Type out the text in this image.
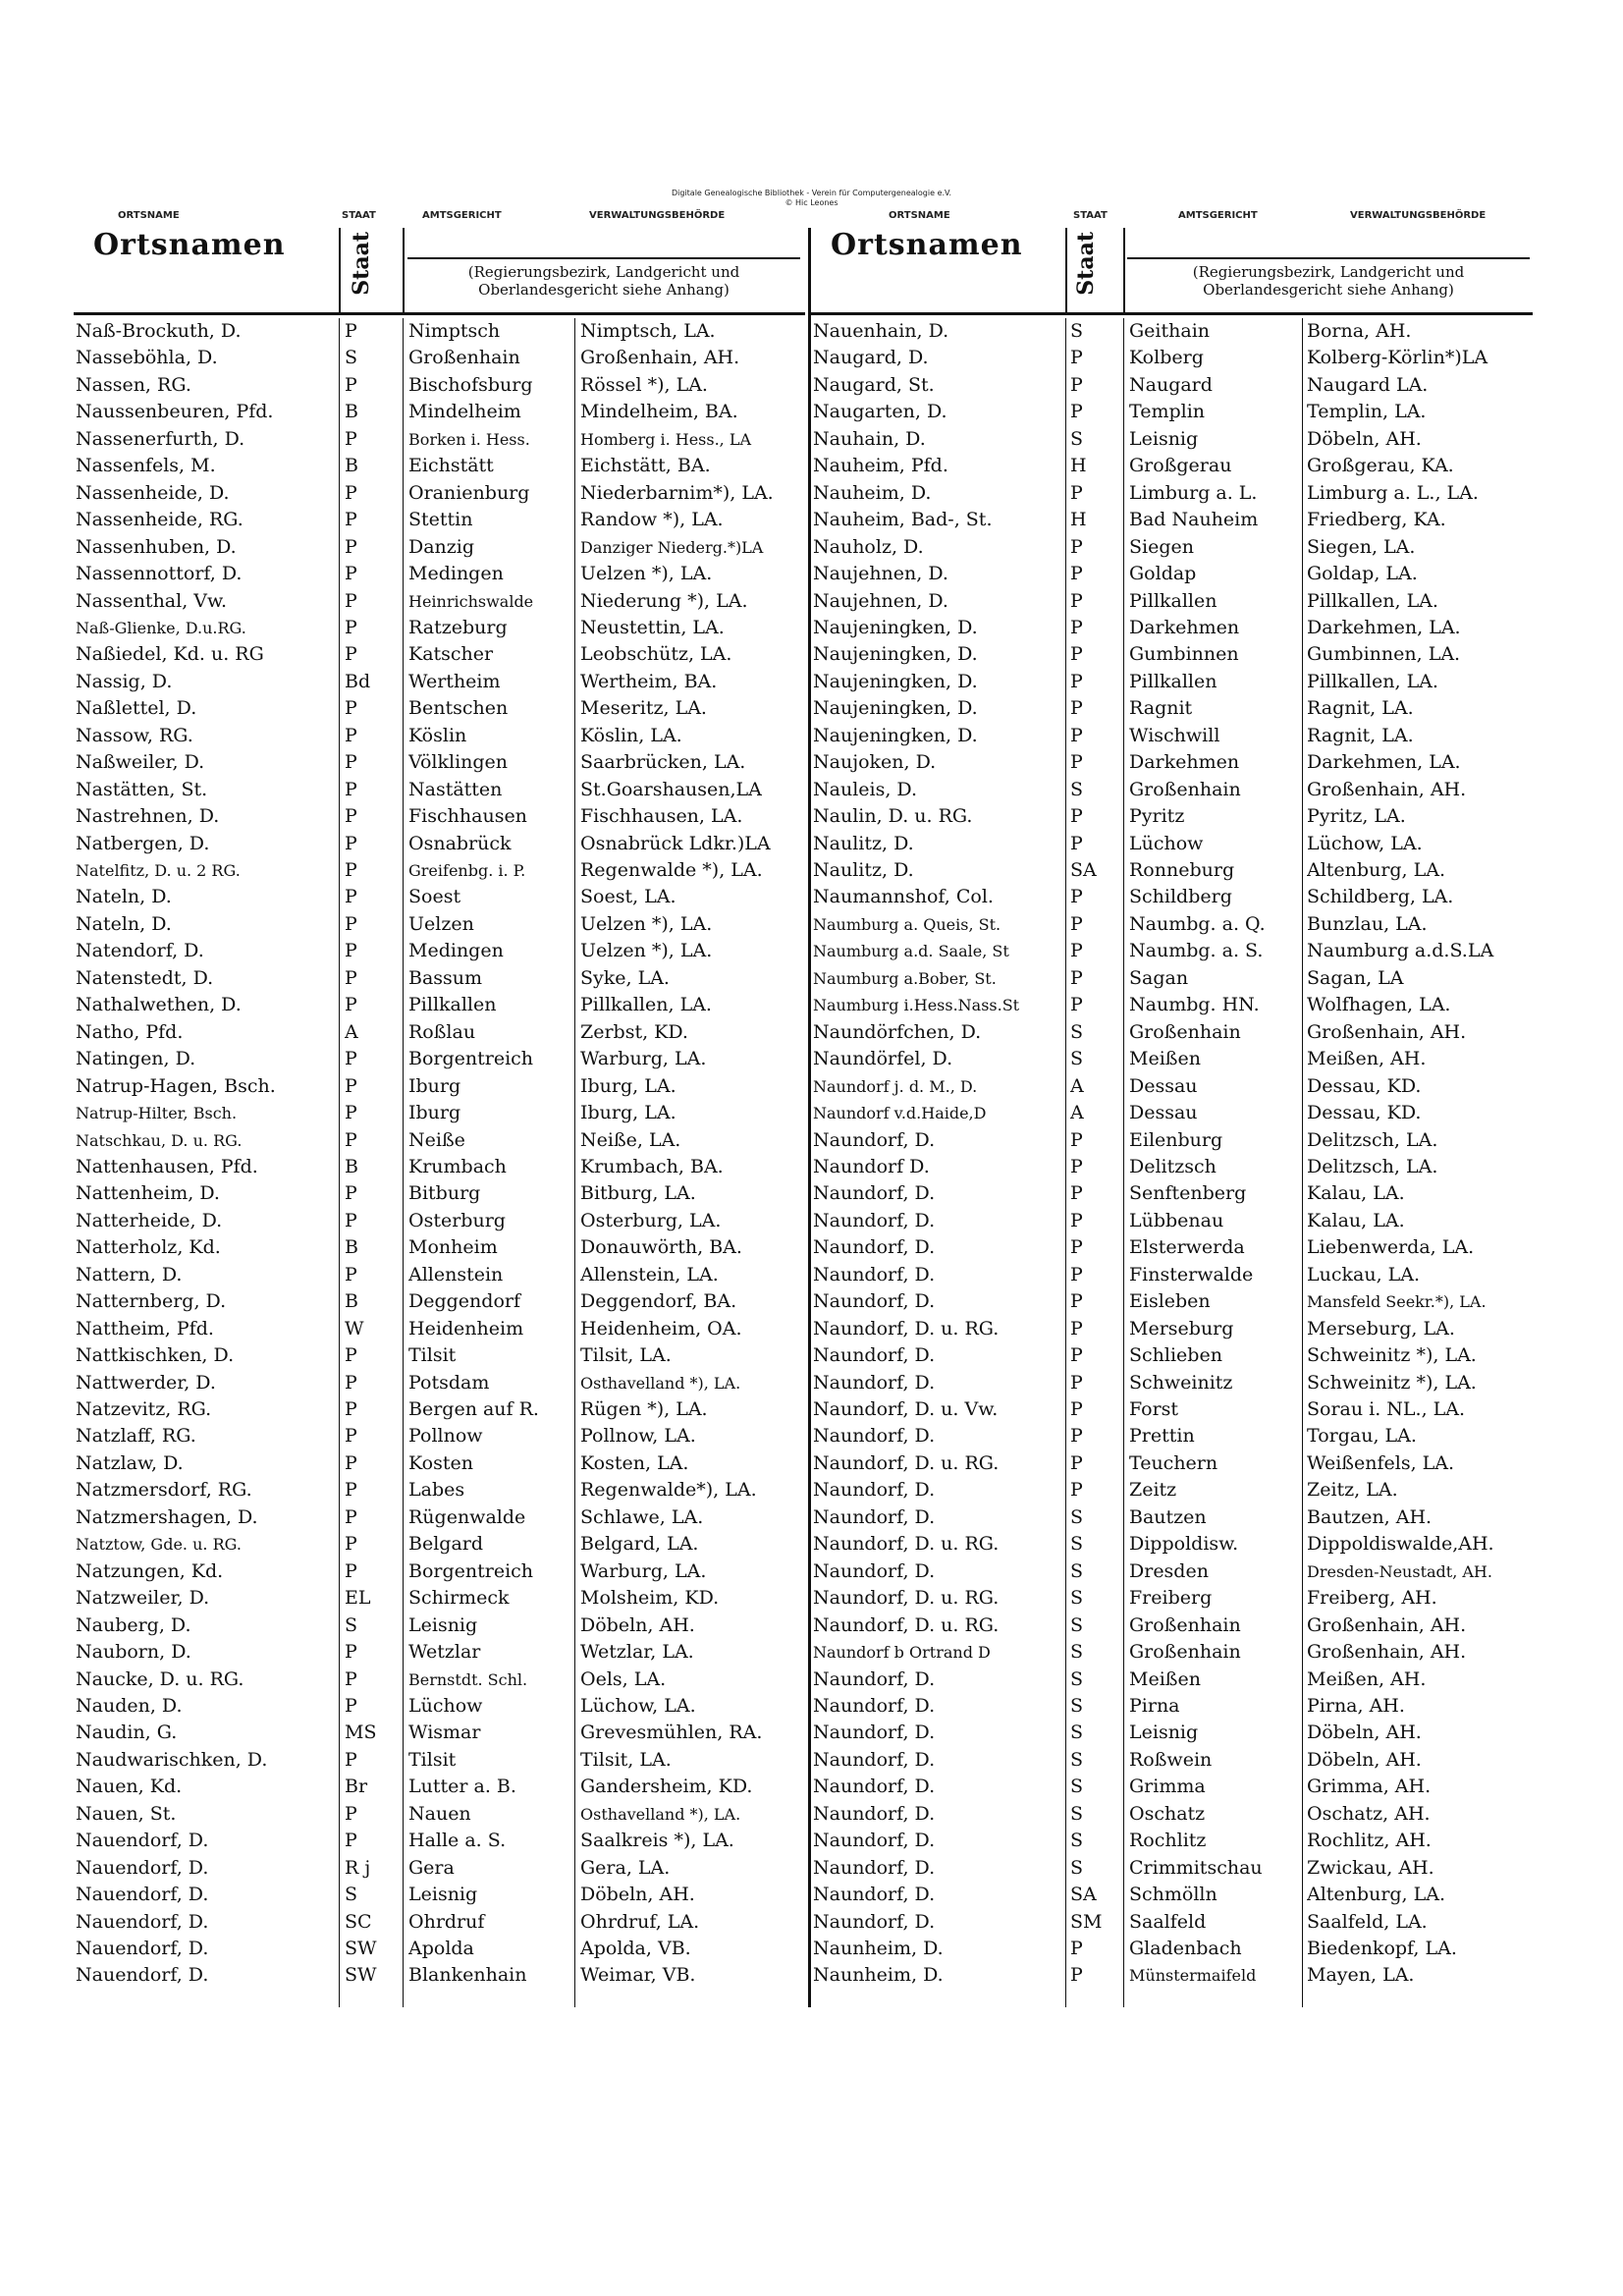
Digitale Genealogische Bibliothek - Verein für Computergenealogie e.V.
© Hic Leones
ORTSNAME	STAAT	AMTSGERICHT	VERWALTUNGSBEHÖRDE	ORTSNAME	STAAT	AMTSGERICHT	VERWALTUNGSBEHÖRDE
Ortsnamen	Staat	(Regierungsbezirk, Landgericht und
Oberlandesgericht siehe Anhang)
Ortsnamen Staat	(Regierungsbezirk, Landgericht und
Oberlandesgericht siehe Anhang)
Naß-Brockuth, D.	P	Nimptsch	Nimptsch, LA.
Nasseböhla, D.	S	Großenhain	Großenhain, AH.
Nassen, RG.	P	Bischofsburg	Rössel *), LA.
Naussenbeuren, Pfd.	B	Mindelheim	Mindelheim, BA.
Nassenerfurth, D.	P	Borken i. Hess.	Homberg i. Hess., LA
Nassenfels, M.	B	Eichstätt	Eichstätt, BA.
Nassenheide, D.	P	Oranienburg	Niederbarnim*), LA.
Nassenheide, RG.	P	Stettin	Randow *), LA.
Nassenhuben, D.	P	Danzig	Danziger Niederg.*)LA
Nassennottorf, D.	P	Medingen	Uelzen *), LA.
Nassenthal, Vw.	P	Heinrichswalde	Niederung *), LA.
Naß-Glienke, D.u.RG.	P	Ratzeburg	Neustettin, LA.
Naßiedel, Kd. u. RG	P	Katscher	Leobschütz, LA.
Nassig, D.	Bd	Wertheim	Wertheim, BA.
Naßlettel, D.	P	Bentschen	Meseritz, LA.
Nassow, RG.	P	Köslin	Köslin, LA.
Naßweiler, D.	P	Völklingen	Saarbrücken, LA.
Nastätten, St.	P	Nastätten	St.Goarshausen,LA
Nastrehnen, D.	P	Fischhausen	Fischhausen, LA.
Natbergen, D.	P	Osnabrück	Osnabrück Ldkr.)LA
Natelfitz, D. u. 2 RG.	P	Greifenbg. i. P.	Regenwalde *), LA.
Nateln, D.	P	Soest	Soest, LA.
Nateln, D.	P	Uelzen	Uelzen *), LA.
Natendorf, D.	P	Medingen	Uelzen *), LA.
Natenstedt, D.	P	Bassum	Syke, LA.
Nathalwethen, D.	P	Pillkallen	Pillkallen, LA.
Natho, Pfd.	A	Roßlau	Zerbst, KD.
Natingen, D.	P	Borgentreich	Warburg, LA.
Natrup-Hagen, Bsch.	P	Iburg	Iburg, LA.
Natrup-Hilter, Bsch.	P	Iburg	Iburg, LA.
Natschkau, D. u. RG.	P	Neiße	Neiße, LA.
Nattenhausen, Pfd.	B	Krumbach	Krumbach, BA.
Nattenheim, D.	P	Bitburg	Bitburg, LA.
Natterheide, D.	P	Osterburg	Osterburg, LA.
Natterholz, Kd.	B	Monheim	Donauwörth, BA.
Nattern, D.	P	Allenstein	Allenstein, LA.
Natternberg, D.	B	Deggendorf	Deggendorf, BA.
Nattheim, Pfd.	W	Heidenheim	Heidenheim, OA.
Nattkischken, D.	P	Tilsit	Tilsit, LA.
Nattwerder, D.	P	Potsdam	Osthavelland *), LA.
Natzevitz, RG.	P	Bergen auf R.	Rügen *), LA.
Natzlaff, RG.	P	Pollnow	Pollnow, LA.
Natzlaw, D.	P	Kosten	Kosten, LA.
Natzmersdorf, RG.	P	Labes	Regenwalde*), LA.
Natzmershagen, D.	P	Rügenwalde	Schlawe, LA.
Natztow, Gde. u. RG.	P	Belgard	Belgard, LA.
Natzungen, Kd.	P	Borgentreich	Warburg, LA.
Natzweiler, D.	EL	Schirmeck	Molsheim, KD.
Nauberg, D.	S	Leisnig	Döbeln, AH.
Nauborn, D.	P	Wetzlar	Wetzlar, LA.
Naucke, D. u. RG.	P	Bernstdt. Schl.	Oels, LA.
Nauden, D.	P	Lüchow	Lüchow, LA.
Naudin, G.	MS	Wismar	Grevesmühlen, RA.
Naudwarischken, D.	P	Tilsit	Tilsit, LA.
Nauen, Kd.	Br	Lutter a. B.	Gandersheim, KD.
Nauen, St.	P	Nauen	Osthavelland *), LA.
Nauendorf, D.	P	Halle a. S.	Saalkreis *), LA.
Nauendorf, D.	R j	Gera	Gera, LA.
Nauendorf, D.	S	Leisnig	Döbeln, AH.
Nauendorf, D.	SC	Ohrdruf	Ohrdruf, LA.
Nauendorf, D.	SW	Apolda	Apolda, VB.
Nauendorf, D.	SW	Blankenhain	Weimar, VB.
Nauenhain, D.	S	Geithain	Borna, AH.
Naugard, D.	P	Kolberg	Kolberg-Körlin*)LA
Naugard, St.	P	Naugard	Naugard LA.
Naugarten, D.	P	Templin	Templin, LA.
Nauhain, D.	S	Leisnig	Döbeln, AH.
Nauheim, Pfd.	H	Großgerau	Großgerau, KA.
Nauheim, D.	P	Limburg a. L.	Limburg a. L., LA.
Nauheim, Bad-, St.	H	Bad Nauheim	Friedberg, KA.
Nauholz, D.	P	Siegen	Siegen, LA.
Naujehnen, D.	P	Goldap	Goldap, LA.
Naujehnen, D.	P	Pillkallen	Pillkallen, LA.
Naujeningken, D.	P	Darkehmen	Darkehmen, LA.
Naujeningken, D.	P	Gumbinnen	Gumbinnen, LA.
Naujeningken, D.	P	Pillkallen	Pillkallen, LA.
Naujeningken, D.	P	Ragnit	Ragnit, LA.
Naujeningken, D.	P	Wischwill	Ragnit, LA.
Naujoken, D.	P	Darkehmen	Darkehmen, LA.
Nauleis, D.	S	Großenhain	Großenhain, AH.
Naulin, D. u. RG.	P	Pyritz	Pyritz, LA.
Naulitz, D.	P	Lüchow	Lüchow, LA.
Naulitz, D.	SA	Ronneburg	Altenburg, LA.
Naumannshof, Col.	P	Schildberg	Schildberg, LA.
Naumburg a. Queis, St.	P	Naumbg. a. Q.	Bunzlau, LA.
Naumburg a.d. Saale, St	P	Naumbg. a. S.	Naumburg a.d.S.LA
Naumburg a.Bober, St.	P	Sagan	Sagan, LA
Naumburg i.Hess.Nass.St	P	Naumbg. HN.	Wolfhagen, LA.
Naundörfchen, D.	S	Großenhain	Großenhain, AH.
Naundörfel, D.	S	Meißen	Meißen, AH.
Naundorf j. d. M., D.	A	Dessau	Dessau, KD.
Naundorf v.d.Haide,D	A	Dessau	Dessau, KD.
Naundorf, D.	P	Eilenburg	Delitzsch, LA.
Naundorf D.	P	Delitzsch	Delitzsch, LA.
Naundorf, D.	P	Senftenberg	Kalau, LA.
Naundorf, D.	P	Lübbenau	Kalau, LA.
Naundorf, D.	P	Elsterwerda	Liebenwerda, LA.
Naundorf, D.	P	Finsterwalde	Luckau, LA.
Naundorf, D.	P	Eisleben	Mansfeld Seekr.*), LA.
Naundorf, D. u. RG.	P	Merseburg	Merseburg, LA.
Naundorf, D.	P	Schlieben	Schweinitz *), LA.
Naundorf, D.	P	Schweinitz	Schweinitz *), LA.
Naundorf, D. u. Vw.	P	Forst	Sorau i. NL., LA.
Naundorf, D.	P	Prettin	Torgau, LA.
Naundorf, D. u. RG.	P	Teuchern	Weißenfels, LA.
Naundorf, D.	P	Zeitz	Zeitz, LA.
Naundorf, D.	S	Bautzen	Bautzen, AH.
Naundorf, D. u. RG.	S	Dippoldisw.	Dippoldiswalde,AH.
Naundorf, D.	S	Dresden	Dresden-Neustadt, AH.
Naundorf, D. u. RG.	S	Freiberg	Freiberg, AH.
Naundorf, D. u. RG.	S	Großenhain	Großenhain, AH.
Naundorf b Ortrand D	S	Großenhain	Großenhain, AH.
Naundorf, D.	S	Meißen	Meißen, AH.
Naundorf, D.	S	Pirna	Pirna, AH.
Naundorf, D.	S	Leisnig	Döbeln, AH.
Naundorf, D.	S	Roßwein	Döbeln, AH.
Naundorf, D.	S	Grimma	Grimma, AH.
Naundorf, D.	S	Oschatz	Oschatz, AH.
Naundorf, D.	S	Rochlitz	Rochlitz, AH.
Naundorf, D.	S	Crimmitschau	Zwickau, AH.
Naundorf, D.	SA	Schmölln	Altenburg, LA.
Naundorf, D.	SM	Saalfeld	Saalfeld, LA.
Naunheim, D.	P	Gladenbach	Biedenkopf, LA.
Naunheim, D.	P	Münstermaifeld	Mayen, LA.
